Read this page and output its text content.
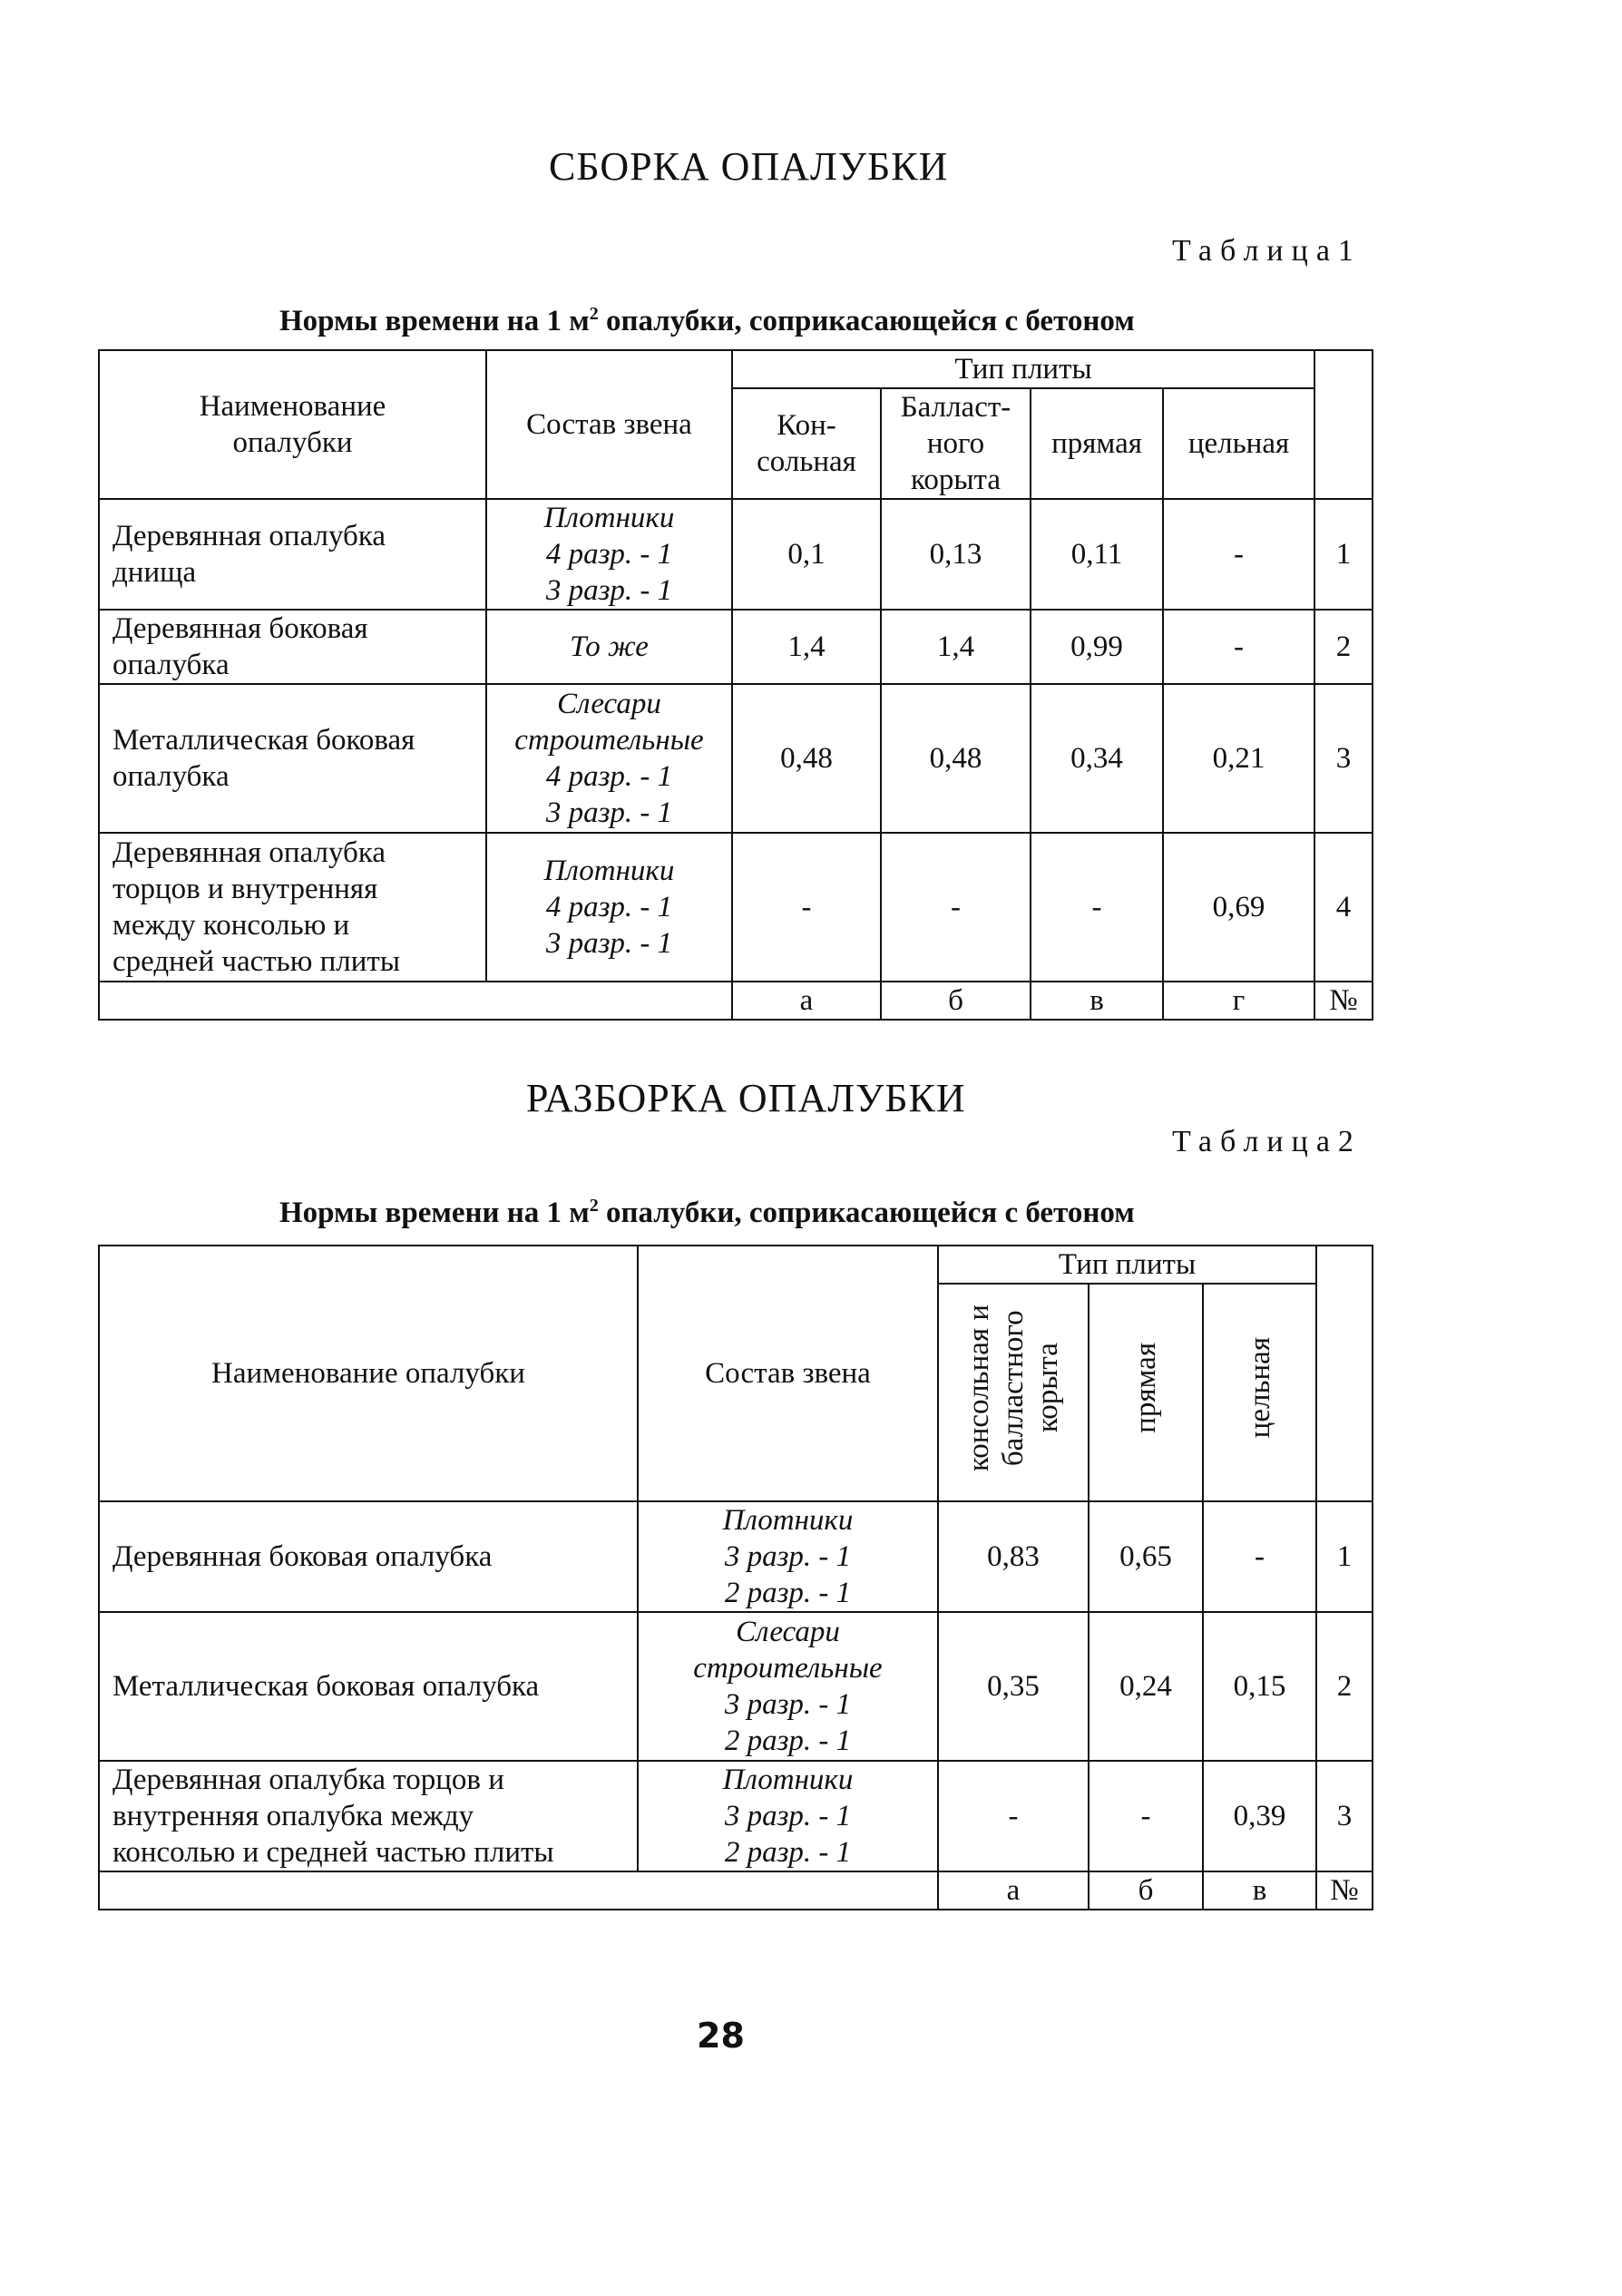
СБОРКА ОПАЛУБКИ
Таблица1
Нормы времени на 1 $м^2$ опалубки, соприкасающейся с бетоном
Наименование
опалубки	Состав звена	Тип плиты				

		Кон-
сольная	Балласт-
ного
корыта	прямая	цельная	

Деревянная опалубка
днища	Плотники
4 разр. - 1
3 разр. - 1	0,1	0,13	0,11	-	1

Деревянная боковая
опалубка	То же	1,4	1,4	0,99	-	2

Металлическая боковая
опалубка	Слесари
строительные
4 разр. - 1
3 разр. - 1	0,48	0,48	0,34	0,21	3

Деревянная опалубка
торцов и внутренняя
между консолью и
средней частью плиты	Плотники
4 разр. - 1
3 разр. - 1	-	-	-	0,69	4
		а	б	в	г	№
РАЗБОРКА ОПАЛУБКИ
Таблица2
Нормы времени на 1 $м^2$ опалубки, соприкасающейся с бетоном
Наименование опалубки	Состав звена	Тип плиты			
		консольная и
балластного
корыта	прямая	цельная	
Деревянная боковая опалубка	Плотники
3 разр. - 1
2 разр. - 1	0,83	0,65	-	1
Металлическая боковая опалубка	Слесари
строительные
3 разр. - 1
2 разр. - 1	0,35	0,24	0,15	2

Деревянная опалубка торцов и
внутренняя опалубка между
консолью и средней частью плиты	Плотники
3 разр. - 1
2 разр. - 1	-	-	0,39	3
		а	б	в	№
28
